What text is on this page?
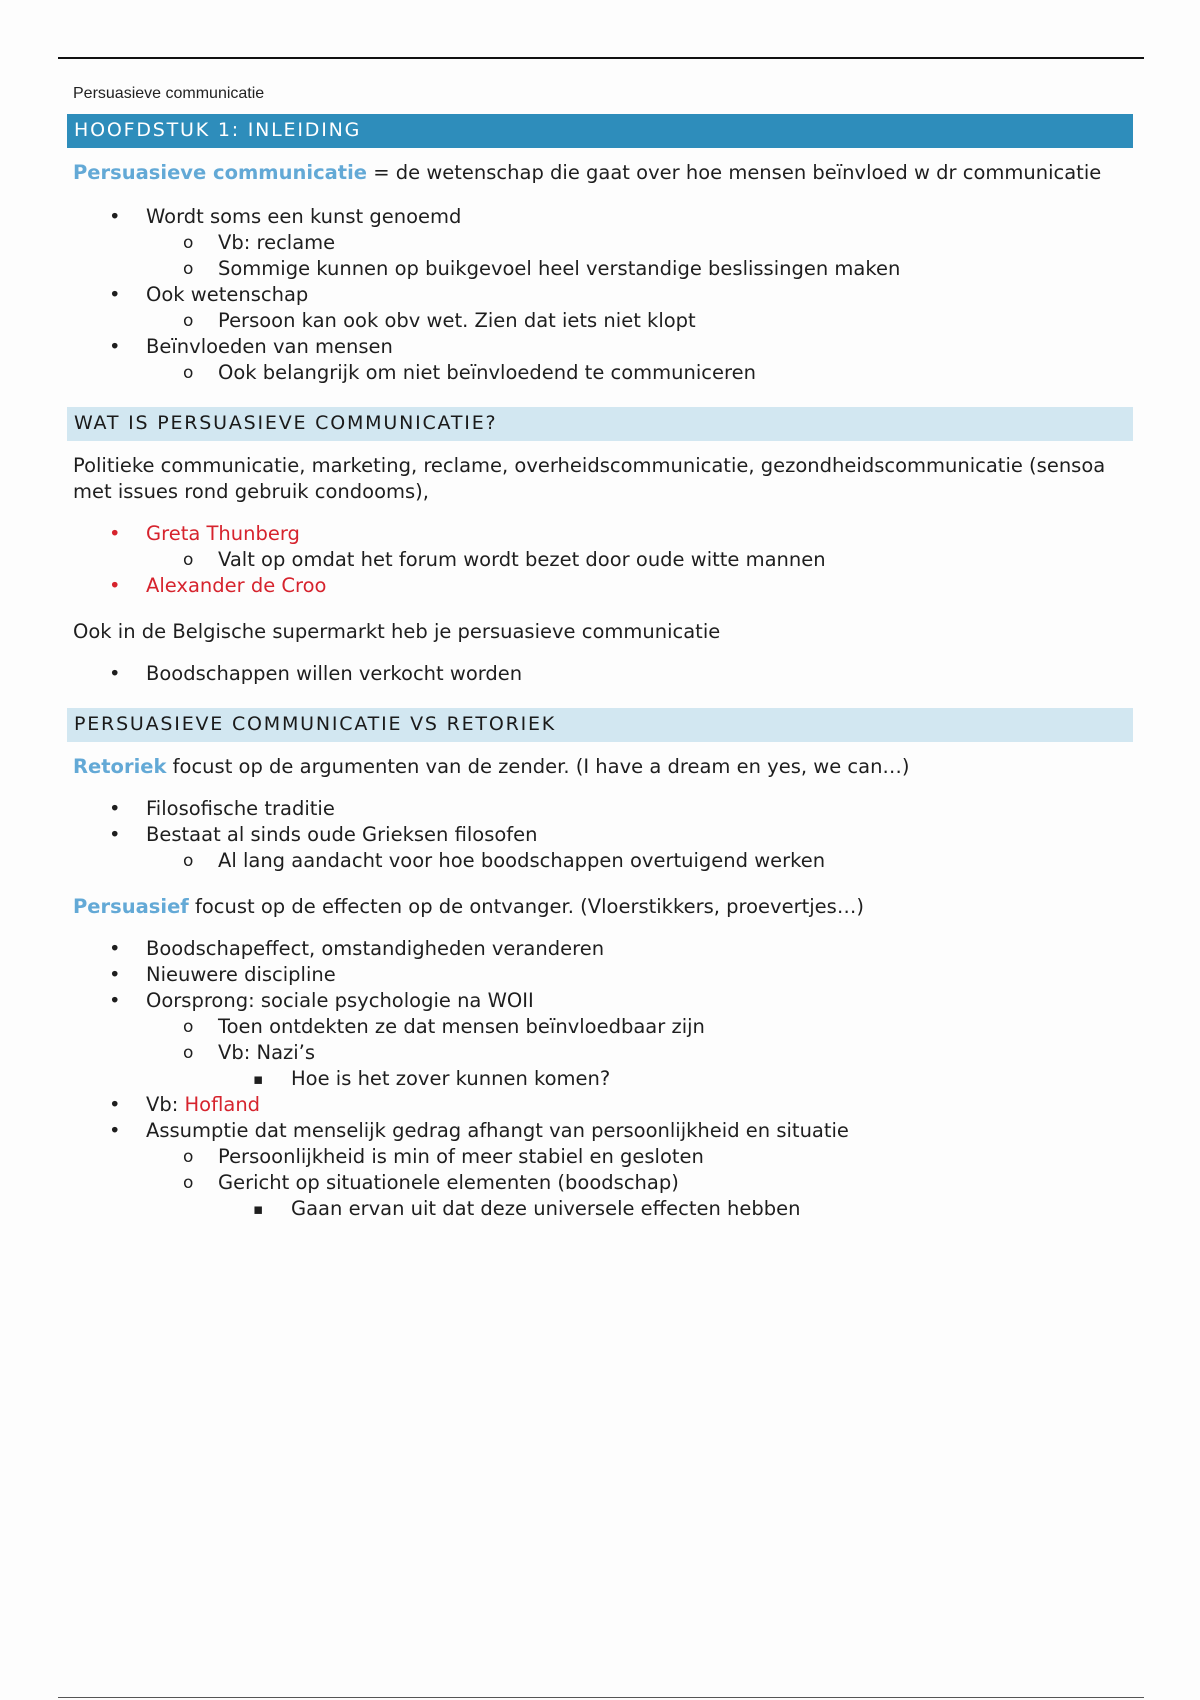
Persuasieve communicatie
HOOFDSTUK 1: INLEIDING

Persuasieve communicatie = de wetenschap die gaat over hoe mensen beïnvloed w dr communicatie

• Wordt soms een kunst genoemd
o Vb: reclame
o Sommige kunnen op buikgevoel heel verstandige beslissingen maken
• Ook wetenschap
o Persoon kan ook obv wet. Zien dat iets niet klopt
• Beïnvloeden van mensen
o Ook belangrijk om niet beïnvloedend te communiceren
WAT IS PERSUASIEVE COMMUNICATIE?

Politieke communicatie, marketing, reclame, overheidscommunicatie, gezondheidscommunicatie (sensoa met issues rond gebruik condooms),

• Greta Thunberg
o Valt op omdat het forum wordt bezet door oude witte mannen
• Alexander de Croo

Ook in de Belgische supermarkt heb je persuasieve communicatie

• Boodschappen willen verkocht worden
PERSUASIEVE COMMUNICATIE VS RETORIEK

Retoriek focust op de argumenten van de zender. (I have a dream en yes, we can…)

• Filosofische traditie
• Bestaat al sinds oude Grieksen filosofen
o Al lang aandacht voor hoe boodschappen overtuigend werken

Persuasief focust op de effecten op de ontvanger. (Vloerstikkers, proevertjes…)

• Boodschapeffect, omstandigheden veranderen
• Nieuwere discipline
• Oorsprong: sociale psychologie na WOII
o Toen ontdekten ze dat mensen beïnvloedbaar zijn
o Vb: Nazi’s
▪ Hoe is het zover kunnen komen?
• Vb: Hofland
• Assumptie dat menselijk gedrag afhangt van persoonlijkheid en situatie
o Persoonlijkheid is min of meer stabiel en gesloten
o Gericht op situationele elementen (boodschap)
▪ Gaan ervan uit dat deze universele effecten hebben
